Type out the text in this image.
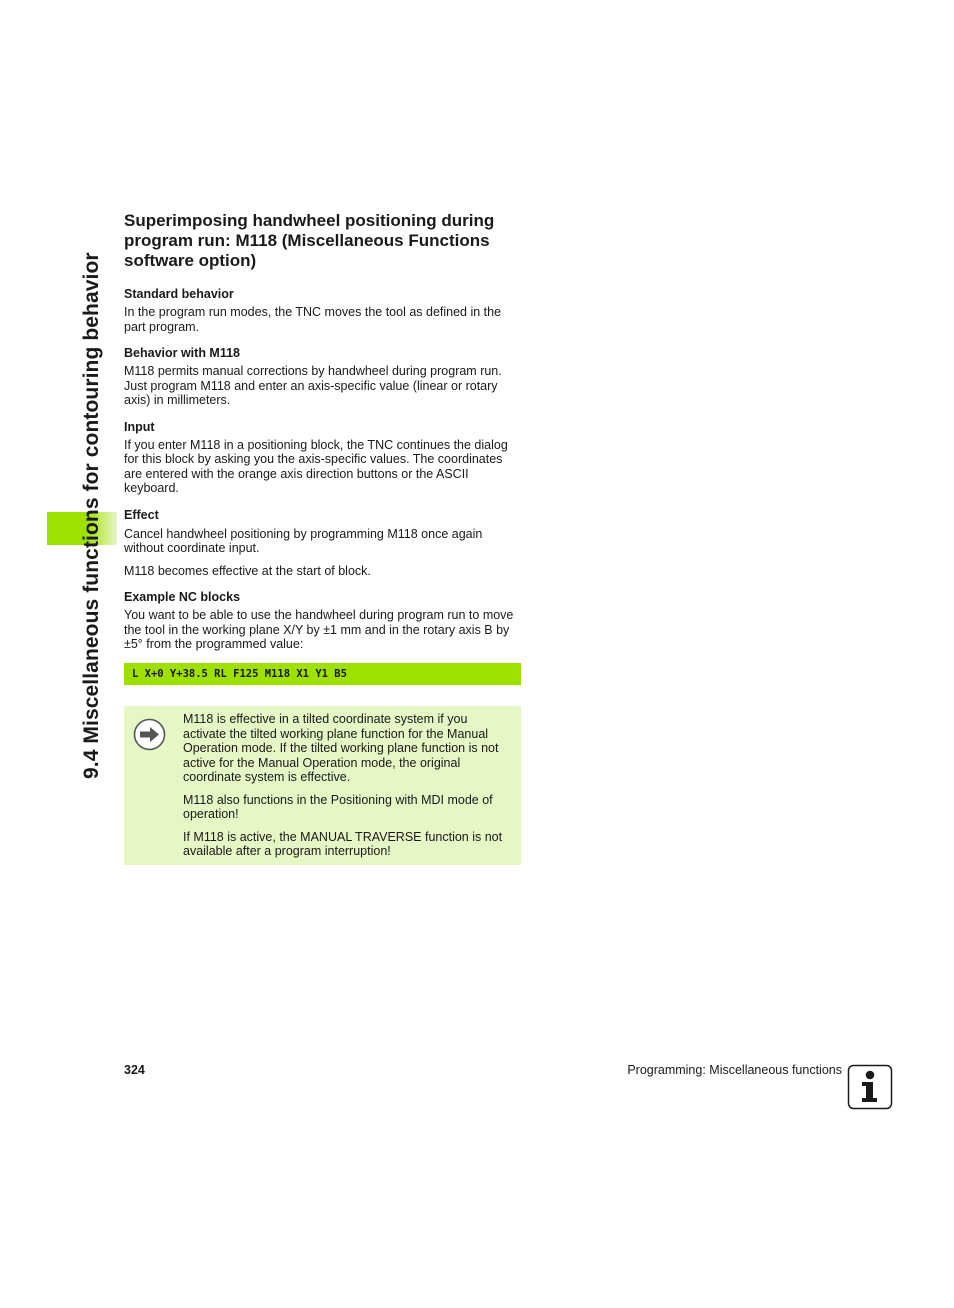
9.4 Miscellaneous functions for contouring behavior
Superimposing handwheel positioning during program run: M118 (Miscellaneous Functions software option)
Standard behavior

In the program run modes, the TNC moves the tool as defined in the part program.

Behavior with M118

M118 permits manual corrections by handwheel during program run. Just program M118 and enter an axis-specific value (linear or rotary axis) in millimeters.

Input

If you enter M118 in a positioning block, the TNC continues the dialog for this block by asking you the axis-specific values. The coordinates are entered with the orange axis direction buttons or the ASCII keyboard.

Effect

Cancel handwheel positioning by programming M118 once again without coordinate input.

M118 becomes effective at the start of block.

Example NC blocks

You want to be able to use the handwheel during program run to move the tool in the working plane X/Y by ±1 mm and in the rotary axis B by ±5° from the programmed value:

L X+0 Y+38.5 RL F125 M118 X1 Y1 B5

M118 is effective in a tilted coordinate system if you activate the tilted working plane function for the Manual Operation mode. If the tilted working plane function is not active for the Manual Operation mode, the original coordinate system is effective.

M118 also functions in the Positioning with MDI mode of operation!

If M118 is active, the MANUAL TRAVERSE function is not available after a program interruption!

324	Programming: Miscellaneous functions
